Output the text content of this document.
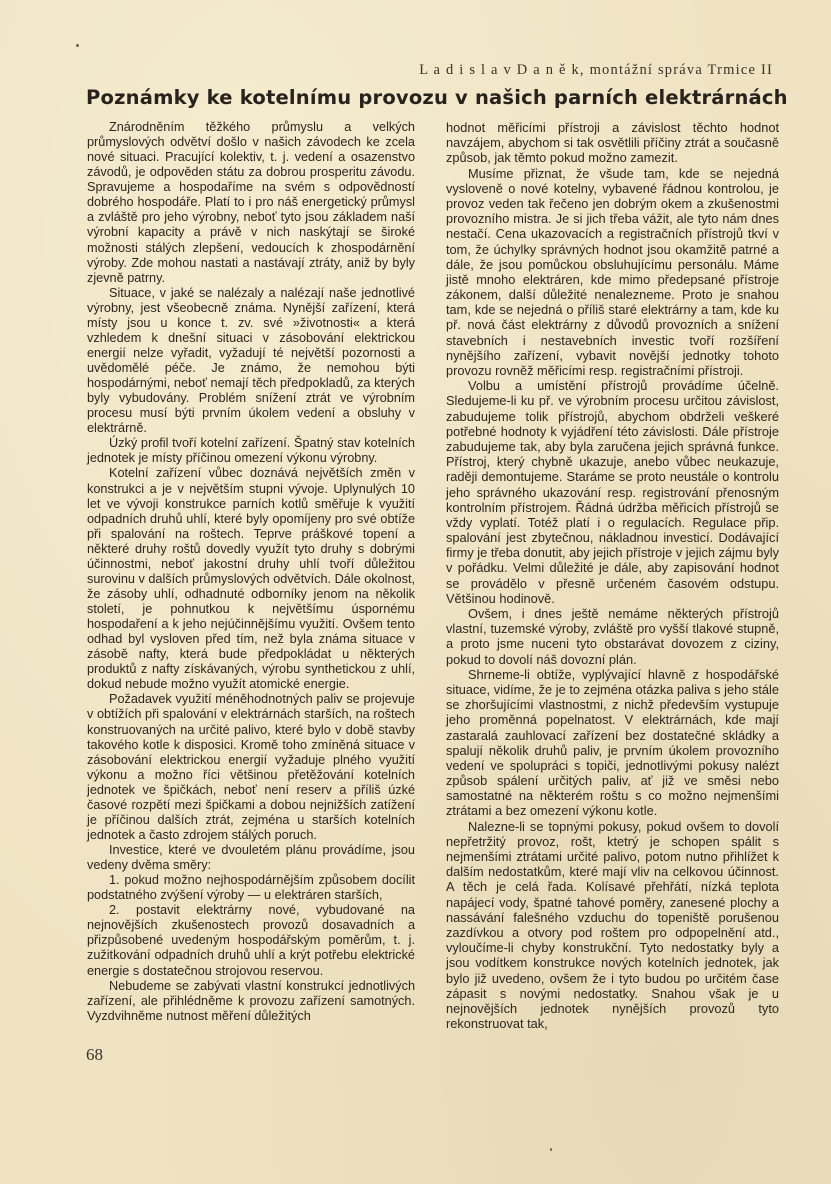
L a d i s l a v D a n ě k, montážní správa Trmice II
Poznámky ke kotelnímu provozu v našich parních elektrárnách

Znárodněním těžkého průmyslu a velkých průmyslových odvětví došlo v našich závodech ke zcela nové situaci. Pracující kolektiv, t. j. vedení a osazenstvo závodů, je odpověden státu za dobrou prosperitu závodu. Spravujeme a hospodaříme na svém s odpovědností dobrého hospodáře. Platí to i pro náš energetický průmysl a zvláště pro jeho výrobny, neboť tyto jsou základem naší výrobní kapacity a právě v nich naskýtají se široké možnosti stálých zlepšení, vedoucích k zhospodárnění výroby. Zde mohou nastati a nastávají ztráty, aniž by byly zjevně patrny.

Situace, v jaké se nalézaly a nalézají naše jednotlivé výrobny, jest všeobecně známa. Nynější zařízení, která místy jsou u konce t. zv. své »životnosti« a která vzhledem k dnešní situaci v zásobování elektrickou energií nelze vyřadit, vyžadují té největší pozornosti a uvědomělé péče. Je známo, že nemohou býti hospodárnými, neboť nemají těch předpokladů, za kterých byly vybudovány. Problém snížení ztrát ve výrobním procesu musí býti prvním úkolem vedení a obsluhy v elektrárně.

Úzký profil tvoří kotelní zařízení. Špatný stav kotelních jednotek je místy příčinou omezení výkonu výrobny.

Kotelní zařízení vůbec doznává největších změn v konstrukci a je v největším stupni vývoje. Uplynulých 10 let ve vývoji konstrukce parních kotlů směřuje k využití odpadních druhů uhlí, které byly opomíjeny pro své obtíže při spalování na roštech. Teprve práškové topení a některé druhy roštů dovedly využít tyto druhy s dobrými účinnostmi, neboť jakostní druhy uhlí tvoří důležitou surovinu v dalších průmyslových odvětvích. Dále okolnost, že zásoby uhlí, odhadnuté odborníky jenom na několik století, je pohnutkou k největšímu úspornému hospodaření a k jeho nejúčinnějšímu využití. Ovšem tento odhad byl vysloven před tím, než byla známa situace v zásobě nafty, která bude předpokládat u některých produktů z nafty získávaných, výrobu synthetickou z uhlí, dokud nebude možno využít atomické energie.

Požadavek využití méněhodnotných paliv se projevuje v obtížích při spalování v elektrárnách starších, na roštech konstruovaných na určité palivo, které bylo v době stavby takového kotle k disposici. Kromě toho zmíněná situace v zásobování elektrickou energií vyžaduje plného využití výkonu a možno říci většinou přetěžování kotelních jednotek ve špičkách, neboť není reserv a příliš úzké časové rozpětí mezi špičkami a dobou nejnižších zatížení je příčinou dalších ztrát, zejména u starších kotelních jednotek a často zdrojem stálých poruch.

Investice, které ve dvouletém plánu provádíme, jsou vedeny dvěma směry:

1. pokud možno nejhospodárnějším způsobem docílit podstatného zvýšení výroby — u elektráren starších,

2. postavit elektrárny nové, vybudované na nejnovějších zkušenostech provozů dosavadních a přizpůsobené uvedeným hospodářským poměrům, t. j. zužitkování odpadních druhů uhlí a krýt potřebu elektrické energie s dostatečnou strojovou reservou.

Nebudeme se zabývati vlastní konstrukcí jednotlivých zařízení, ale přihlédněme k provozu zařízení samotných. Vyzdvihněme nutnost měření důležitých

hodnot měřicími přístroji a závislost těchto hodnot navzájem, abychom si tak osvětlili příčiny ztrát a současně způsob, jak těmto pokud možno zamezit.

Musíme přiznat, že všude tam, kde se nejedná vysloveně o nové kotelny, vybavené řádnou kontrolou, je provoz veden tak řečeno jen dobrým okem a zkušenostmi provozního mistra. Je si jich třeba vážit, ale tyto nám dnes nestačí. Cena ukazovacích a registračních přístrojů tkví v tom, že úchylky správných hodnot jsou okamžitě patrné a dále, že jsou pomůckou obsluhujícímu personálu. Máme jistě mnoho elektráren, kde mimo předepsané přístroje zákonem, další důležité nenalezneme. Proto je snahou tam, kde se nejedná o příliš staré elektrárny a tam, kde ku př. nová část elektrárny z důvodů provozních a snížení stavebních i nestavebních investic tvoří rozšíření nynějšího zařízení, vybavit novější jednotky tohoto provozu rovněž měřicími resp. registračními přístroji.

Volbu a umístění přístrojů provádíme účelně. Sledujeme-li ku př. ve výrobním procesu určitou závislost, zabudujeme tolik přístrojů, abychom obdrželi veškeré potřebné hodnoty k vyjádření této závislosti. Dále přístroje zabudujeme tak, aby byla zaručena jejich správná funkce. Přístroj, který chybně ukazuje, anebo vůbec neukazuje, raději demontujeme. Staráme se proto neustále o kontrolu jeho správného ukazování resp. registrování přenosným kontrolním přístrojem. Řádná údržba měřicích přístrojů se vždy vyplatí. Totéž platí i o regulacích. Regulace přip. spalování jest zbytečnou, nákladnou investicí. Dodávající firmy je třeba donutit, aby jejich přístroje v jejich zájmu byly v pořádku. Velmi důležité je dále, aby zapisování hodnot se provádělo v přesně určeném časovém odstupu. Většinou hodinově.

Ovšem, i dnes ještě nemáme některých přístrojů vlastní, tuzemské výroby, zvláště pro vyšší tlakové stupně, a proto jsme nuceni tyto obstarávat dovozem z ciziny, pokud to dovolí náš dovozní plán.

Shrneme-li obtíže, vyplývající hlavně z hospodářské situace, vidíme, že je to zejména otázka paliva s jeho stále se zhoršujícími vlastnostmi, z nichž především vystupuje jeho proměnná popelnatost. V elektrárnách, kde mají zastaralá zauhlovací zařízení bez dostatečné skládky a spalují několik druhů paliv, je prvním úkolem provozního vedení ve spolupráci s topiči, jednotlivými pokusy nalézt způsob spálení určitých paliv, ať již ve směsi nebo samostatné na některém roštu s co možno nejmenšími ztrátami a bez omezení výkonu kotle.

Nalezne-li se topnými pokusy, pokud ovšem to dovolí nepřetržitý provoz, rošt, ktetrý je schopen spálit s nejmenšími ztrátami určité palivo, potom nutno přihlížet k dalším nedostatkům, které mají vliv na celkovou účinnost. A těch je celá řada. Kolísavé přehřátí, nízká teplota napájecí vody, špatné tahové poměry, zanesené plochy a nassávání falešného vzduchu do topeniště porušenou zazdívkou a otvory pod roštem pro odpopelnění atd., vyloučíme-li chyby konstrukční. Tyto nedostatky byly a jsou vodítkem konstrukce nových kotelních jednotek, jak bylo již uvedeno, ovšem že i tyto budou po určitém čase zápasit s novými nedostatky. Snahou však je u nejnovějších jednotek nynějších provozů tyto rekonstruovat tak,

68
